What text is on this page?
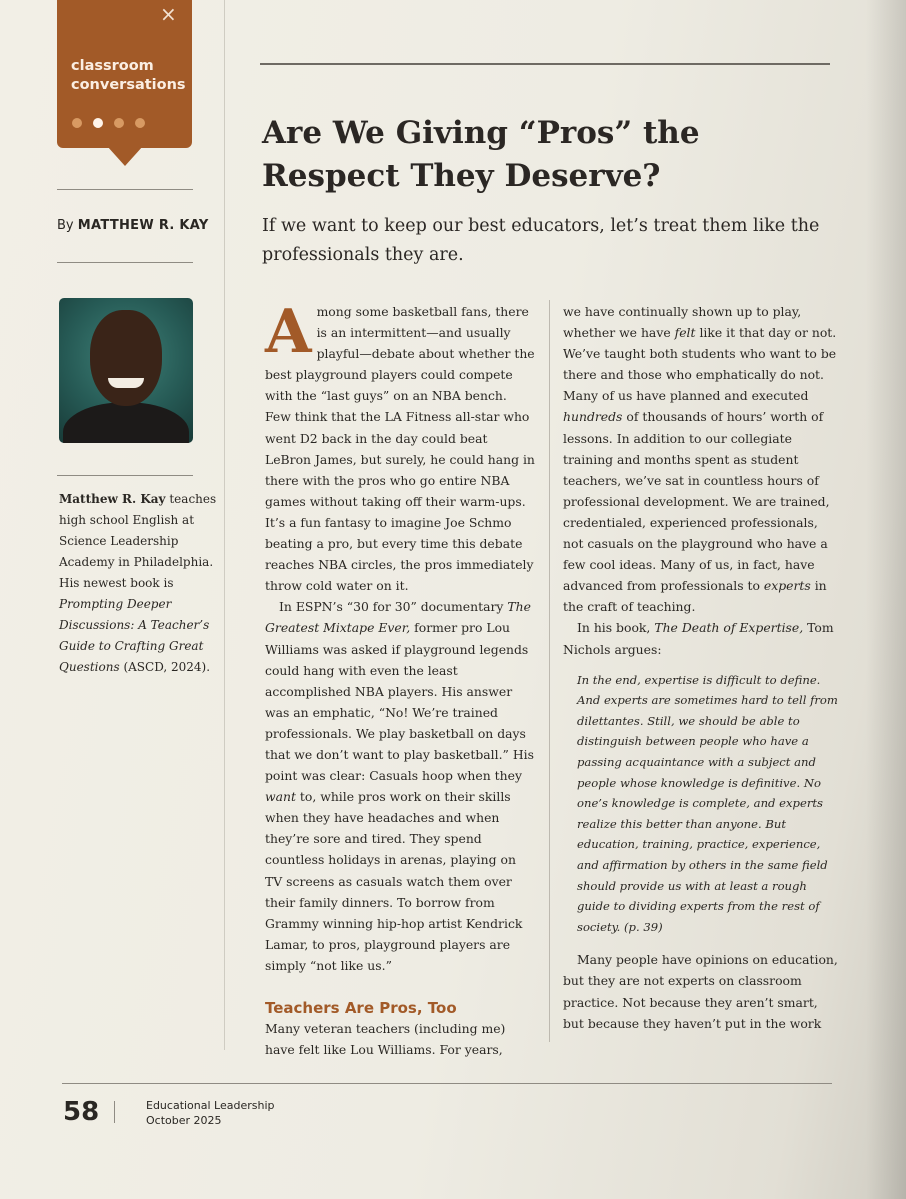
×
classroom
conversations
By MATTHEW R. KAY
Matthew R. Kay teaches high school English at Science Leadership Academy in Philadelphia. His newest book is Prompting Deeper Discussions: A Teacher’s Guide to Crafting Great Questions (ASCD, 2024).
Are We Giving “Pros” the Respect They Deserve?
If we want to keep our best educators, let’s treat them like the professionals they are.

Among some basketball fans, there is an intermittent—and usually playful—debate about whether the best playground players could compete with the “last guys” on an NBA bench. Few think that the LA Fitness all-star who went D2 back in the day could beat LeBron James, but surely, he could hang in there with the pros who go entire NBA games without taking off their warm-ups. It’s a fun fantasy to imagine Joe Schmo beating a pro, but every time this debate reaches NBA circles, the pros immediately throw cold water on it.

In ESPN’s “30 for 30” documentary The Greatest Mixtape Ever, former pro Lou Williams was asked if playground legends could hang with even the least accomplished NBA players. His answer was an emphatic, “No! We’re trained professionals. We play basketball on days that we don’t want to play basketball.” His point was clear: Casuals hoop when they want to, while pros work on their skills when they have headaches and when they’re sore and tired. They spend countless holidays in arenas, playing on TV screens as casuals watch them over their family dinners. To borrow from Grammy winning hip-hop artist Kendrick Lamar, to pros, playground players are simply “not like us.”

Teachers Are Pros, Too

Many veteran teachers (including me) have felt like Lou Williams. For years,

we have continually shown up to play, whether we have felt like it that day or not. We’ve taught both students who want to be there and those who emphatically do not. Many of us have planned and executed hundreds of thousands of hours’ worth of lessons. In addition to our collegiate training and months spent as student teachers, we’ve sat in countless hours of professional development. We are trained, credentialed, experienced professionals, not casuals on the playground who have a few cool ideas. Many of us, in fact, have advanced from professionals to experts in the craft of teaching.

In his book, The Death of Expertise, Tom Nichols argues:

In the end, expertise is difficult to define. And experts are sometimes hard to tell from dilettantes. Still, we should be able to distinguish between people who have a passing acquaintance with a subject and people whose knowledge is definitive. No one’s knowledge is complete, and experts realize this better than anyone. But education, training, practice, experience, and affirmation by others in the same field should provide us with at least a rough guide to dividing experts from the rest of society. (p. 39)

Many people have opinions on education, but they are not experts on classroom practice. Not because they aren’t smart, but because they haven’t put in the work

58	Educational Leadership
October 2025
